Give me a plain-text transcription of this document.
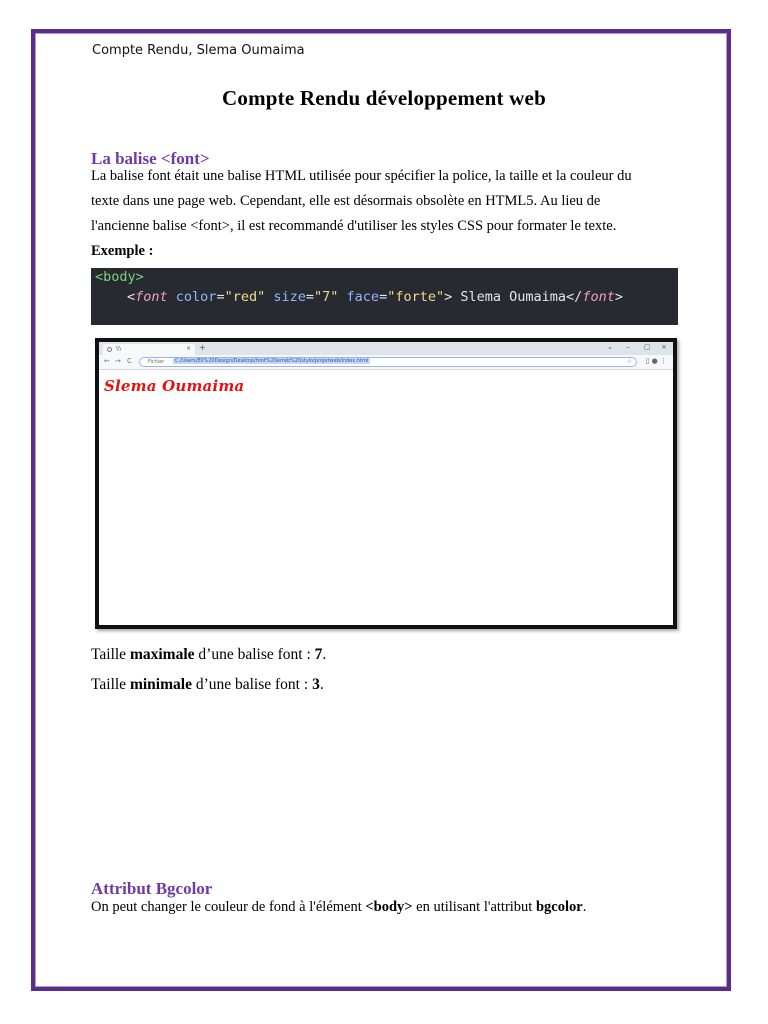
Compte Rendu, Slema Oumaima
Compte Rendu développement web
La balise <font>
La balise font était une balise HTML utilisée pour spécifier la police, la taille et la couleur du
texte dans une page web. Cependant, elle est désormais obsolète en HTML5. Au lieu de
l'ancienne balise <font>, il est recommandé d'utiliser les styles CSS pour formater le texte.
Exemple :
<body>
<font color="red" size="7" face="forte"> Slema Oumaima</font>
\\\	× +	⌄ – ▢ ×
← → C	Fichier	C:/Users/Eli%20Design/Desktop/font%20erreb%20stylo/projetweb/index.html	☆ ▯ ● ⋮
Slema Oumaima
Taille maximale d’une balise font : 7.
Taille minimale d’une balise font : 3.
Attribut Bgcolor
On peut changer le couleur de fond à l'élément <body> en utilisant l'attribut bgcolor.
